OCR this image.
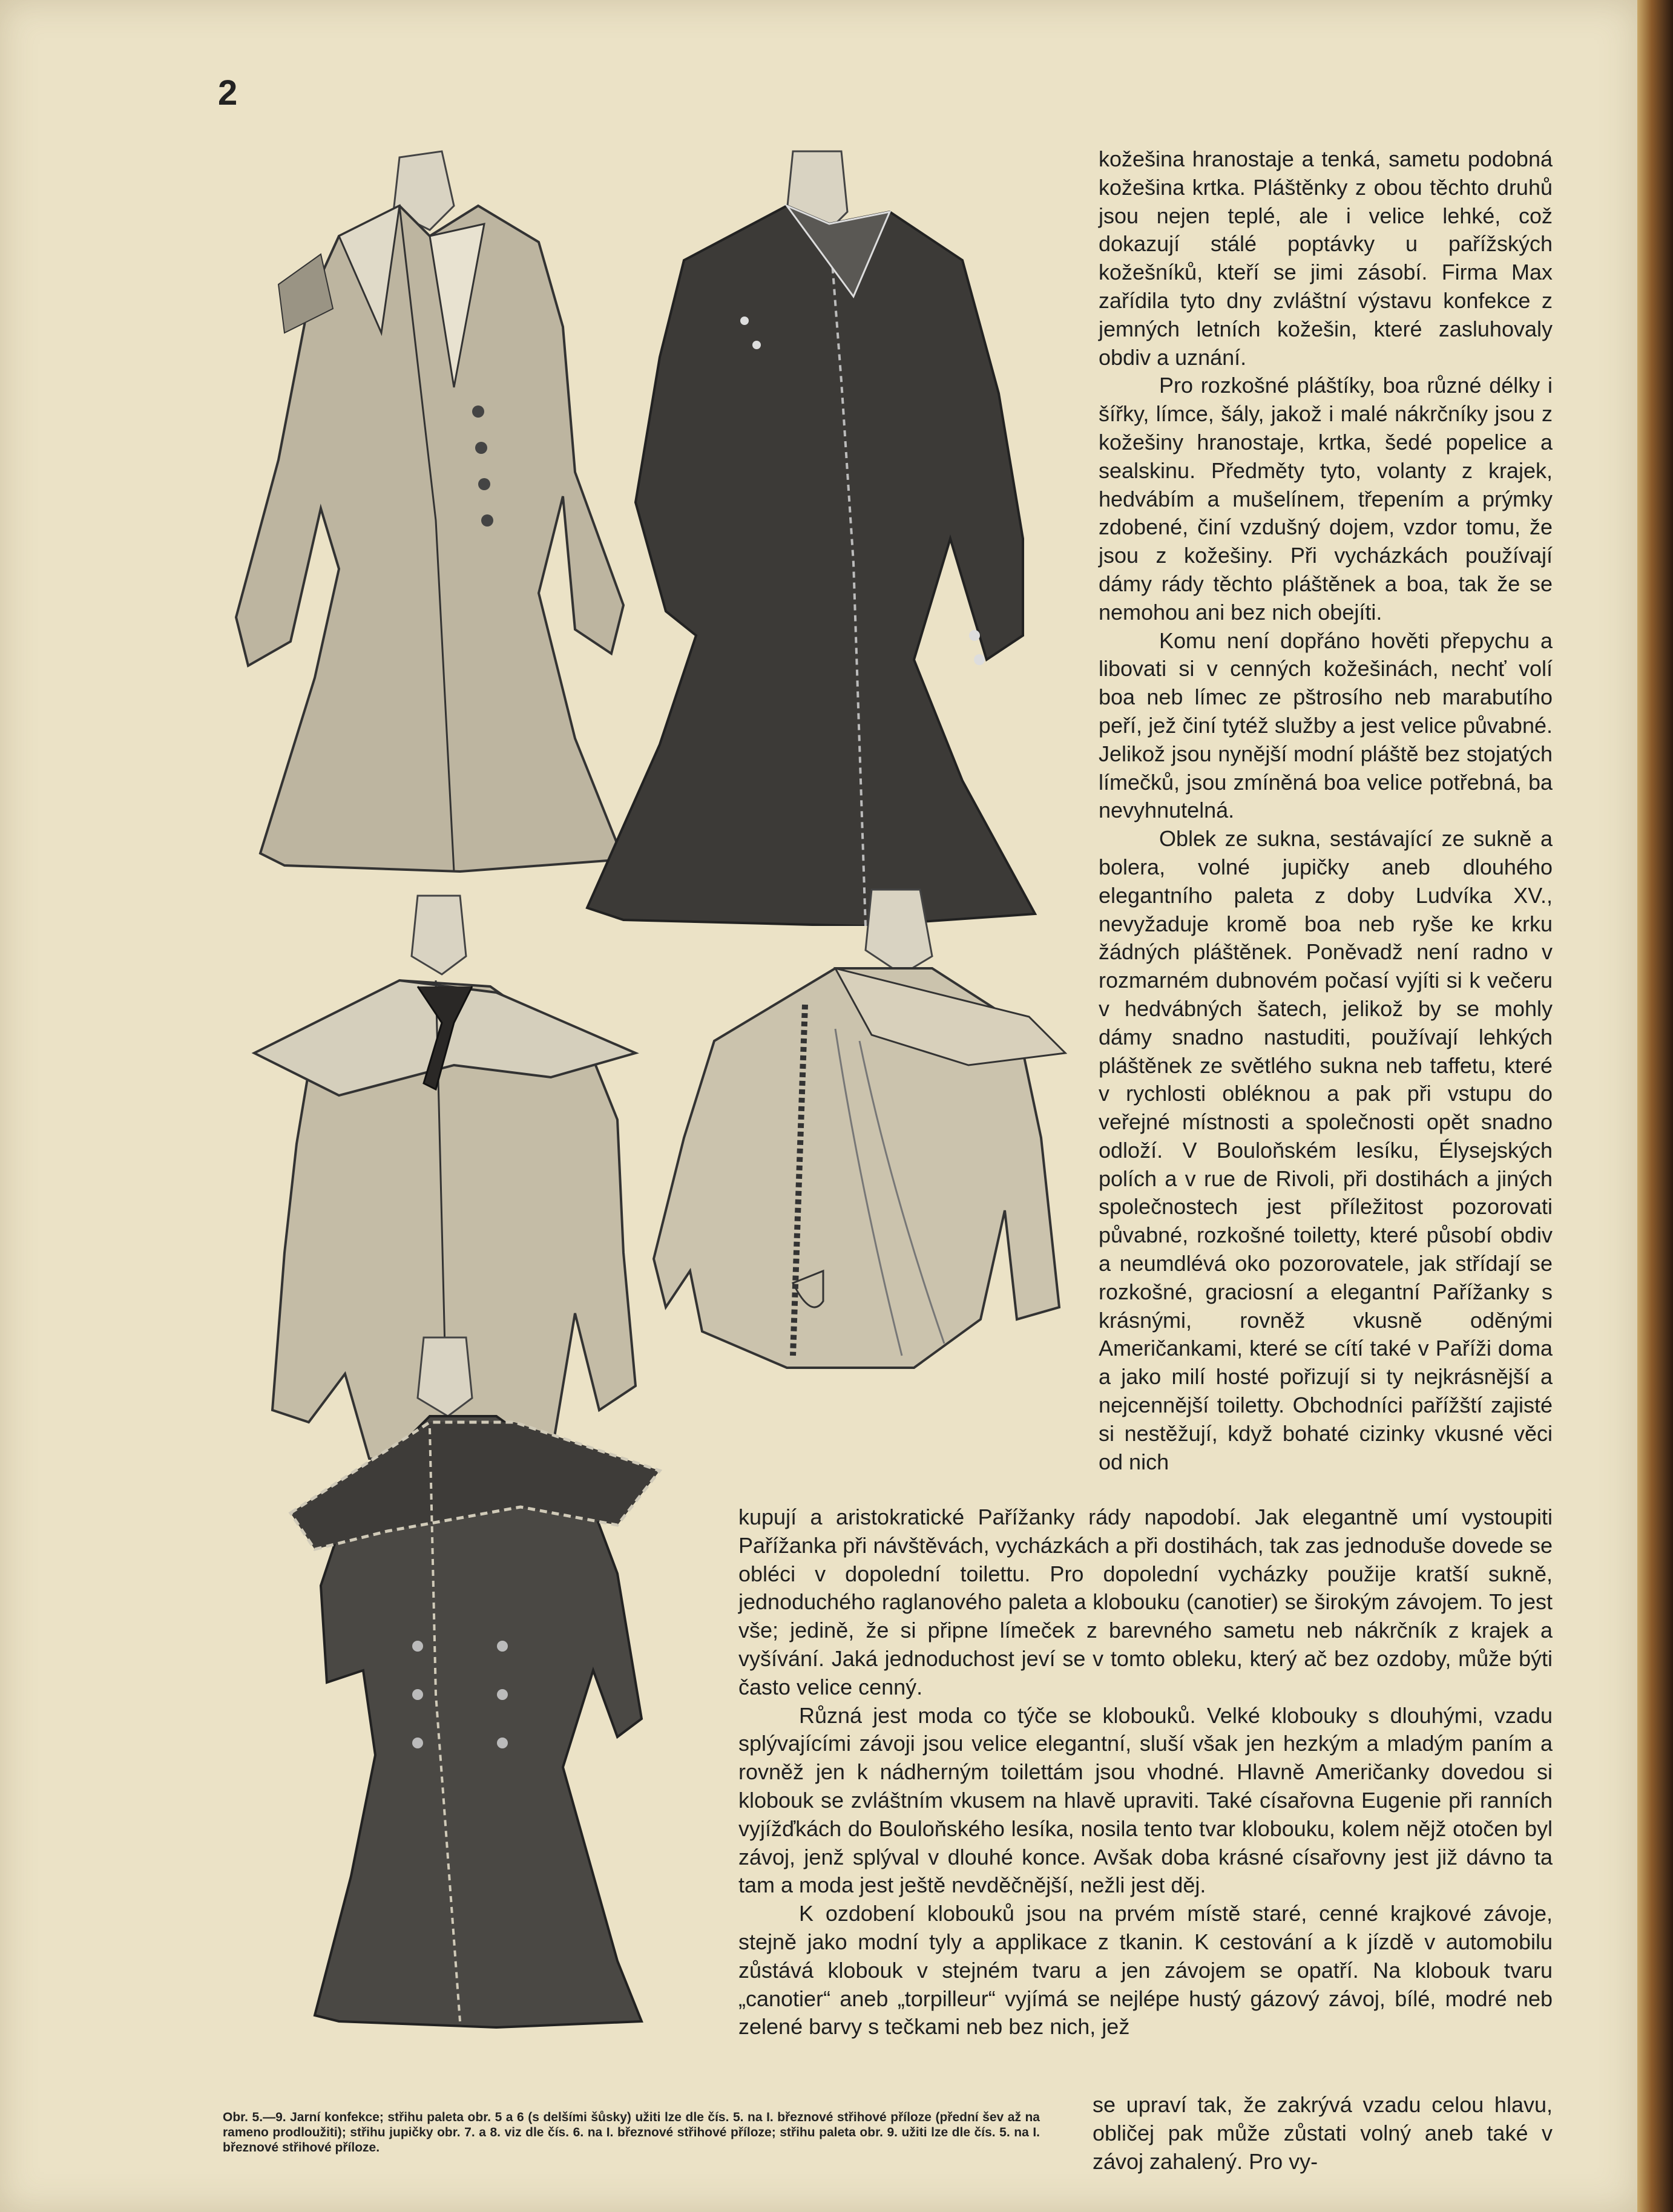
2

kožešina hranostaje a tenká, sametu podobná kožešina krtka. Pláštěnky z obou těchto druhů jsou nejen teplé, ale i velice lehké, což dokazují stálé poptávky u pařížských kožešníků, kteří se jimi zásobí. Firma Max zařídila tyto dny zvláštní výstavu konfekce z jemných letních kožešin, které zasluhovaly obdiv a uznání.

Pro rozkošné pláštíky, boa různé délky i šířky, límce, šály, jakož i malé nákrčníky jsou z kožešiny hranostaje, krtka, šedé popelice a sealskinu. Předměty tyto, volanty z krajek, hedvábím a mušelínem, třepením a prýmky zdobené, činí vzdušný dojem, vzdor tomu, že jsou z kožešiny. Při vycházkách používají dámy rády těchto pláštěnek a boa, tak že se nemohou ani bez nich obejíti.

Komu není dopřáno hověti přepychu a libovati si v cenných kožešinách, nechť volí boa neb límec ze pštrosího neb marabutího peří, jež činí tytéž služby a jest velice půvabné. Jelikož jsou nynější modní pláště bez stojatých límečků, jsou zmíněná boa velice potřebná, ba nevyhnutelná.

Oblek ze sukna, sestávající ze sukně a bolera, volné jupičky aneb dlouhého elegantního paleta z doby Ludvíka XV., nevyžaduje kromě boa neb ryše ke krku žádných pláštěnek. Poněvadž není radno v rozmarném dubnovém počasí vyjíti si k večeru v hedvábných šatech, jelikož by se mohly dámy snadno nastuditi, používají lehkých pláštěnek ze světlého sukna neb taffetu, které v rychlosti obléknou a pak při vstupu do veřejné místnosti a společnosti opět snadno odloží. V Bouloňském lesíku, Élysejských polích a v rue de Rivoli, při dostihách a jiných společnostech jest příležitost pozorovati půvabné, rozkošné toiletty, které působí obdiv a neumdlévá oko pozorovatele, jak střídají se rozkošné, graciosní a elegantní Pařížanky s krásnými, rovněž vkusně oděnými Američankami, které se cítí také v Paříži doma a jako milí hosté pořizují si ty nejkrásnější a nejcennější toiletty. Obchodníci pařížští zajisté si nestěžují, když bohaté cizinky vkusné věci od nich

kupují a aristokratické Pařížanky rády napodobí. Jak elegantně umí vystoupiti Pařížanka při návštěvách, vycházkách a při dostihách, tak zas jednoduše dovede se obléci v dopolední toilettu. Pro dopolední vycházky použije kratší sukně, jednoduchého raglanového paleta a klobouku (canotier) se širokým závojem. To jest vše; jedině, že si připne límeček z barevného sametu neb nákrčník z krajek a vyšívání. Jaká jednoduchost jeví se v tomto obleku, který ač bez ozdoby, může býti často velice cenný.

Různá jest moda co týče se klobouků. Velké klobouky s dlouhými, vzadu splývajícími závoji jsou velice elegantní, sluší však jen hezkým a mladým paním a rovněž jen k nádherným toilettám jsou vhodné. Hlavně Američanky dovedou si klobouk se zvláštním vkusem na hlavě upraviti. Také císařovna Eugenie při ranních vyjížďkách do Bouloňského lesíka, nosila tento tvar klobouku, kolem nějž otočen byl závoj, jenž splýval v dlouhé konce. Avšak doba krásné císařovny jest již dávno ta tam a moda jest ještě nevděčnější, nežli jest děj.

K ozdobení klobouků jsou na prvém místě staré, cenné krajkové závoje, stejně jako modní tyly a applikace z tkanin. K cestování a k jízdě v automobilu zůstává klobouk v stejném tvaru a jen závojem se opatří. Na klobouk tvaru „canotier“ aneb „torpilleur“ vyjímá se nejlépe hustý gázový závoj, bílé, modré neb zelené barvy s tečkami neb bez nich, jež

se upraví tak, že zakrývá vzadu celou hlavu, obličej pak může zůstati volný aneb také v závoj zahalený. Pro vy-

Obr. 5.—9. Jarní konfekce; střihu paleta obr. 5 a 6 (s delšími šůsky) užiti lze dle čís. 5. na I. březnové střihové příloze (přední šev až na rameno prodloužiti); střihu jupičky obr. 7. a 8. viz dle čís. 6. na I. březnové střihové příloze; střihu paleta obr. 9. užiti lze dle čís. 5. na I. březnové střihové příloze.
